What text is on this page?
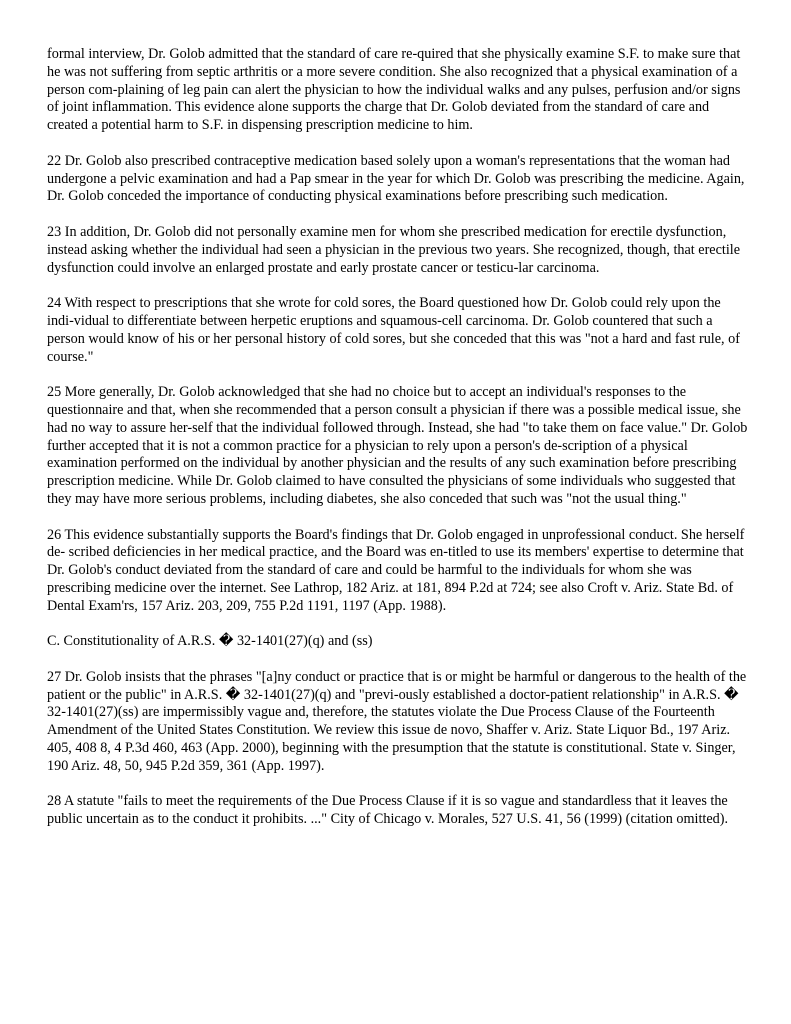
formal interview, Dr. Golob admitted that the standard of care re-quired that she physically examine S.F. to make sure that he was not suffering from septic arthritis or a more severe condition. She also recognized that a physical examination of a person com-plaining of leg pain can alert the physician to how the individual walks and any pulses, perfusion and/or signs of joint inflammation. This evidence alone supports the charge that Dr. Golob deviated from the standard of care and created a potential harm to S.F. in dispensing prescription medicine to him.

22 Dr. Golob also prescribed contraceptive medication based solely upon a woman's representations that the woman had undergone a pelvic examination and had a Pap smear in the year for which Dr. Golob was prescribing the medicine. Again, Dr. Golob conceded the importance of conducting physical examinations before prescribing such medication.

23 In addition, Dr. Golob did not personally examine men for whom she prescribed medication for erectile dysfunction, instead asking whether the individual had seen a physician in the previous two years. She recognized, though, that erectile dysfunction could involve an enlarged prostate and early prostate cancer or testicu-lar carcinoma.

24 With respect to prescriptions that she wrote for cold sores, the Board questioned how Dr. Golob could rely upon the indi-vidual to differentiate between herpetic eruptions and squamous-cell carcinoma. Dr. Golob countered that such a person would know of his or her personal history of cold sores, but she conceded that this was "not a hard and fast rule, of course."

25 More generally, Dr. Golob acknowledged that she had no choice but to accept an individual's responses to the questionnaire and that, when she recommended that a person consult a physician if there was a possible medical issue, she had no way to assure her-self that the individual followed through. Instead, she had "to take them on face value." Dr. Golob further accepted that it is not a common practice for a physician to rely upon a person's de-scription of a physical examination performed on the individual by another physician and the results of any such examination before prescribing prescription medicine. While Dr. Golob claimed to have consulted the physicians of some individuals who suggested that they may have more serious problems, including diabetes, she also conceded that such was "not the usual thing."

26 This evidence substantially supports the Board's findings that Dr. Golob engaged in unprofessional conduct. She herself de- scribed deficiencies in her medical practice, and the Board was en-titled to use its members' expertise to determine that Dr. Golob's conduct deviated from the standard of care and could be harmful to the individuals for whom she was prescribing medicine over the internet. See Lathrop, 182 Ariz. at 181, 894 P.2d at 724; see also Croft v. Ariz. State Bd. of Dental Exam'rs, 157 Ariz. 203, 209, 755 P.2d 1191, 1197 (App. 1988).

C. Constitutionality of A.R.S. � 32-1401(27)(q) and (ss)

27 Dr. Golob insists that the phrases "[a]ny conduct or practice that is or might be harmful or dangerous to the health of the patient or the public" in A.R.S. � 32-1401(27)(q) and "previ-ously established a doctor-patient relationship" in A.R.S. � 32-1401(27)(ss) are impermissibly vague and, therefore, the statutes violate the Due Process Clause of the Fourteenth Amendment of the United States Constitution. We review this issue de novo, Shaffer v. Ariz. State Liquor Bd., 197 Ariz. 405, 408 8, 4 P.3d 460, 463 (App. 2000), beginning with the presumption that the statute is constitutional. State v. Singer, 190 Ariz. 48, 50, 945 P.2d 359, 361 (App. 1997).

28 A statute "fails to meet the requirements of the Due Process Clause if it is so vague and standardless that it leaves the public uncertain as to the conduct it prohibits. ..." City of Chicago v. Morales, 527 U.S. 41, 56 (1999) (citation omitted).
